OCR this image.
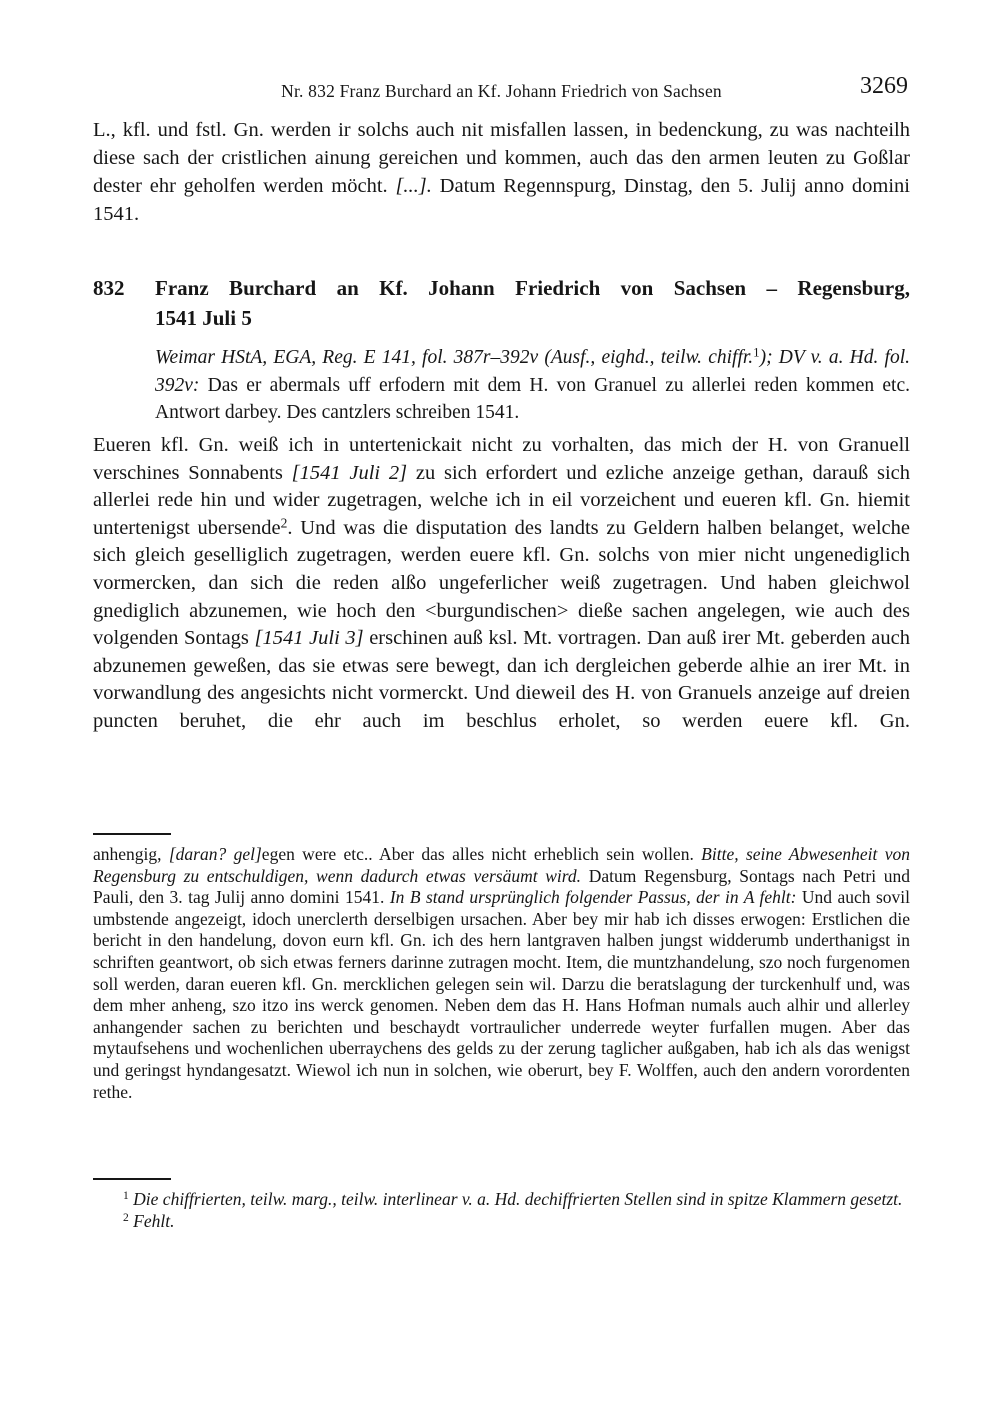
Nr. 832 Franz Burchard an Kf. Johann Friedrich von Sachsen	3269
L., kfl. und fstl. Gn. werden ir solchs auch nit misfallen lassen, in bedenckung, zu was nachteilh diese sach der cristlichen ainung gereichen und kommen, auch das den armen leuten zu Goßlar dester ehr geholfen werden möcht. [...]. Datum Regennspurg, Dinstag, den 5. Julij anno domini 1541.
832 Franz Burchard an Kf. Johann Friedrich von Sachsen – Regensburg,
1541 Juli 5
Weimar HStA, EGA, Reg. E 141, fol. 387r–392v (Ausf., eighd., teilw. chiffr.$^1$); DV v. a. Hd. fol. 392v: Das er abermals uff erfodern mit dem H. von Granuel zu allerlei reden kommen etc. Antwort darbey. Des cantzlers schreiben 1541.
Eueren kfl. Gn. weiß ich in untertenickait nicht zu vorhalten, das mich der H. von Granuell verschines Sonnabents [1541 Juli 2] zu sich erfordert und ezliche anzeige gethan, darauß sich allerlei rede hin und wider zugetragen, welche ich in eil vorzeichent und eueren kfl. Gn. hiemit untertenigst ubersende$^2$. Und was die disputation des landts zu Geldern halben belanget, welche sich gleich geselliglich zugetragen, werden euere kfl. Gn. solchs von mier nicht ungenediglich vormercken, dan sich die reden alßo ungeferlicher weiß zugetragen. Und haben gleichwol gnediglich abzunemen, wie hoch den <burgundischen> dieße sachen angelegen, wie auch des volgenden Sontags [1541 Juli 3] erschinen auß ksl. Mt. vortragen. Dan auß irer Mt. geberden auch abzunemen geweßen, das sie etwas sere bewegt, dan ich dergleichen geberde alhie an irer Mt. in vorwandlung des angesichts nicht vormerckt. Und dieweil des H. von Granuels anzeige auf dreien puncten beruhet, die ehr auch im beschlus erholet, so werden euere kfl. Gn.
anhengig, [daran? gel]egen were etc.. Aber das alles nicht erheblich sein wollen. Bitte, seine Abwesenheit von Regensburg zu entschuldigen, wenn dadurch etwas versäumt wird. Datum Regensburg, Sontags nach Petri und Pauli, den 3. tag Julij anno domini 1541. In B stand ursprünglich folgender Passus, der in A fehlt: Und auch sovil umbstende angezeigt, idoch unerclerth derselbigen ursachen. Aber bey mir hab ich disses erwogen: Erstlichen die bericht in den handelung, dovon eurn kfl. Gn. ich des hern lantgraven halben jungst widderumb underthanigst in schriften geantwort, ob sich etwas ferners darinne zutragen mocht. Item, die muntzhandelung, szo noch furgenomen soll werden, daran eueren kfl. Gn. mercklichen gelegen sein wil. Darzu die beratslagung der turckenhulf und, was dem mher anheng, szo itzo ins werck genomen. Neben dem das H. Hans Hofman numals auch alhir und allerley anhangender sachen zu berichten und beschaydt vortraulicher underrede weyter furfallen mugen. Aber das mytaufsehens und wochenlichen uberraychens des gelds zu der zerung taglicher außgaben, hab ich als das wenigst und geringst hyndangesatzt. Wiewol ich nun in solchen, wie oberurt, bey F. Wolffen, auch den andern vorordenten rethe.

$^1$ Die chiffrierten, teilw. marg., teilw. interlinear v. a. Hd. dechiffrierten Stellen sind in spitze Klammern gesetzt.

$^2$ Fehlt.
